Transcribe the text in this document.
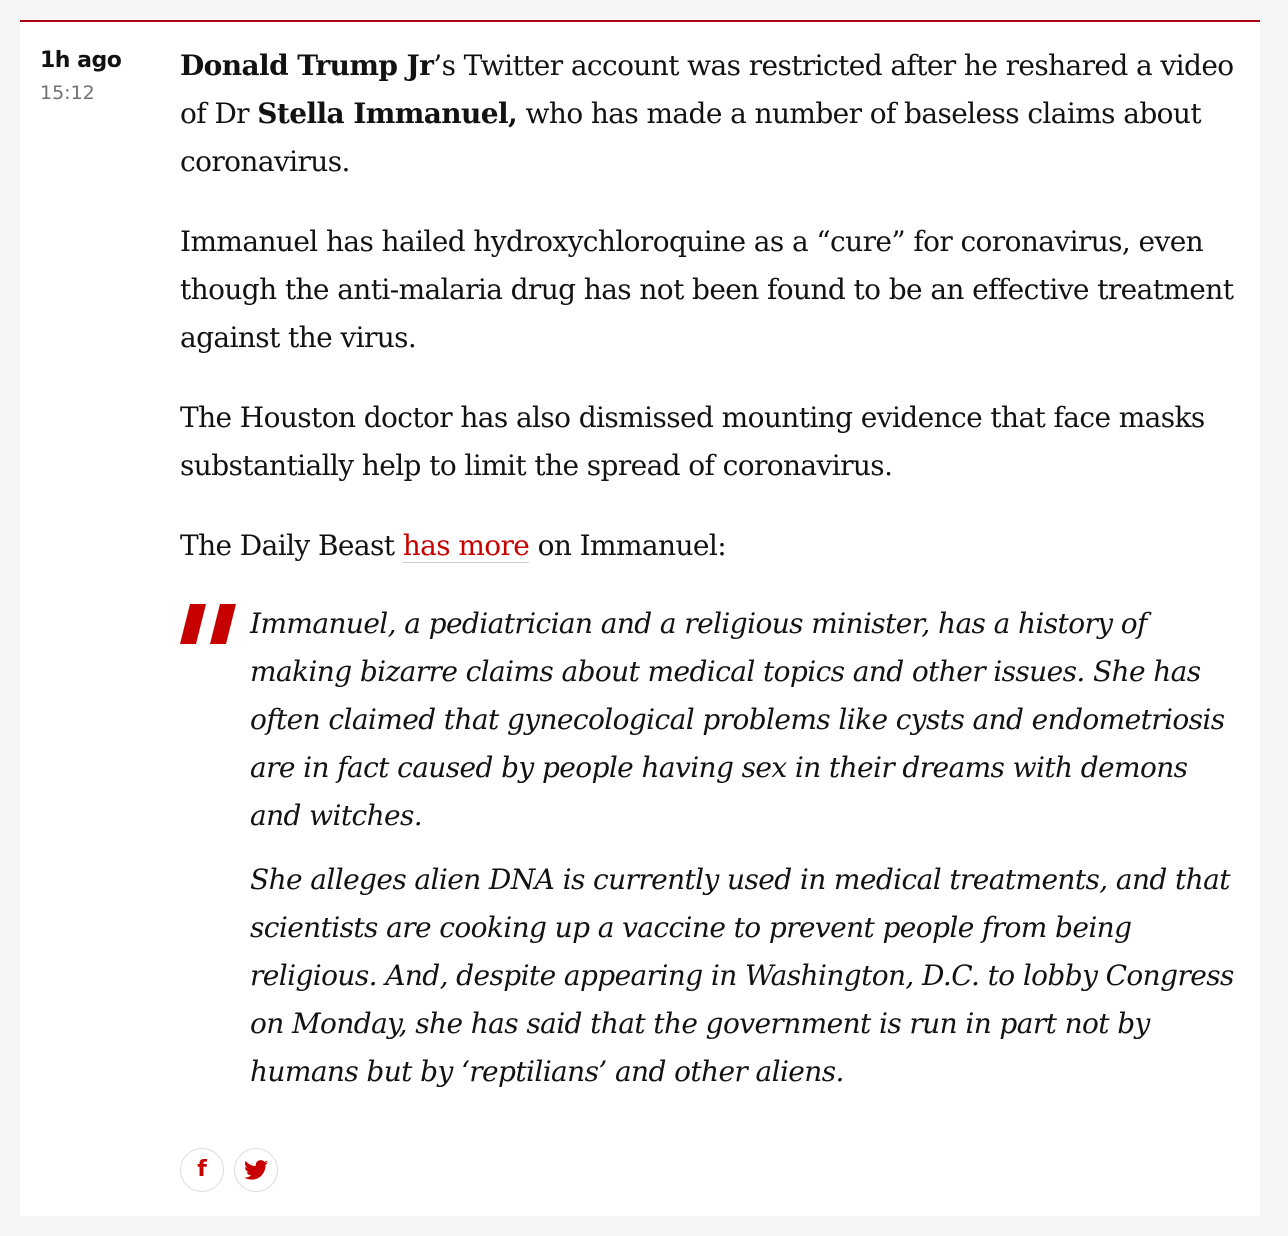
1h ago
15:12

Donald Trump Jr’s Twitter account was restricted after he reshared a video of Dr Stella Immanuel, who has made a number of baseless claims about coronavirus.

Immanuel has hailed hydroxychloroquine as a “cure” for coronavirus, even though the anti-malaria drug has not been found to be an effective treatment against the virus.

The Houston doctor has also dismissed mounting evidence that face masks substantially help to limit the spread of coronavirus.

The Daily Beast has more on Immanuel:

Immanuel, a pediatrician and a religious minister, has a history of making bizarre claims about medical topics and other issues. She has often claimed that gynecological problems like cysts and endometriosis are in fact caused by people having sex in their dreams with demons and witches.

She alleges alien DNA is currently used in medical treatments, and that scientists are cooking up a vaccine to prevent people from being religious. And, despite appearing in Washington, D.C. to lobby Congress on Monday, she has said that the government is run in part not by humans but by ‘reptilians’ and other aliens.

f
